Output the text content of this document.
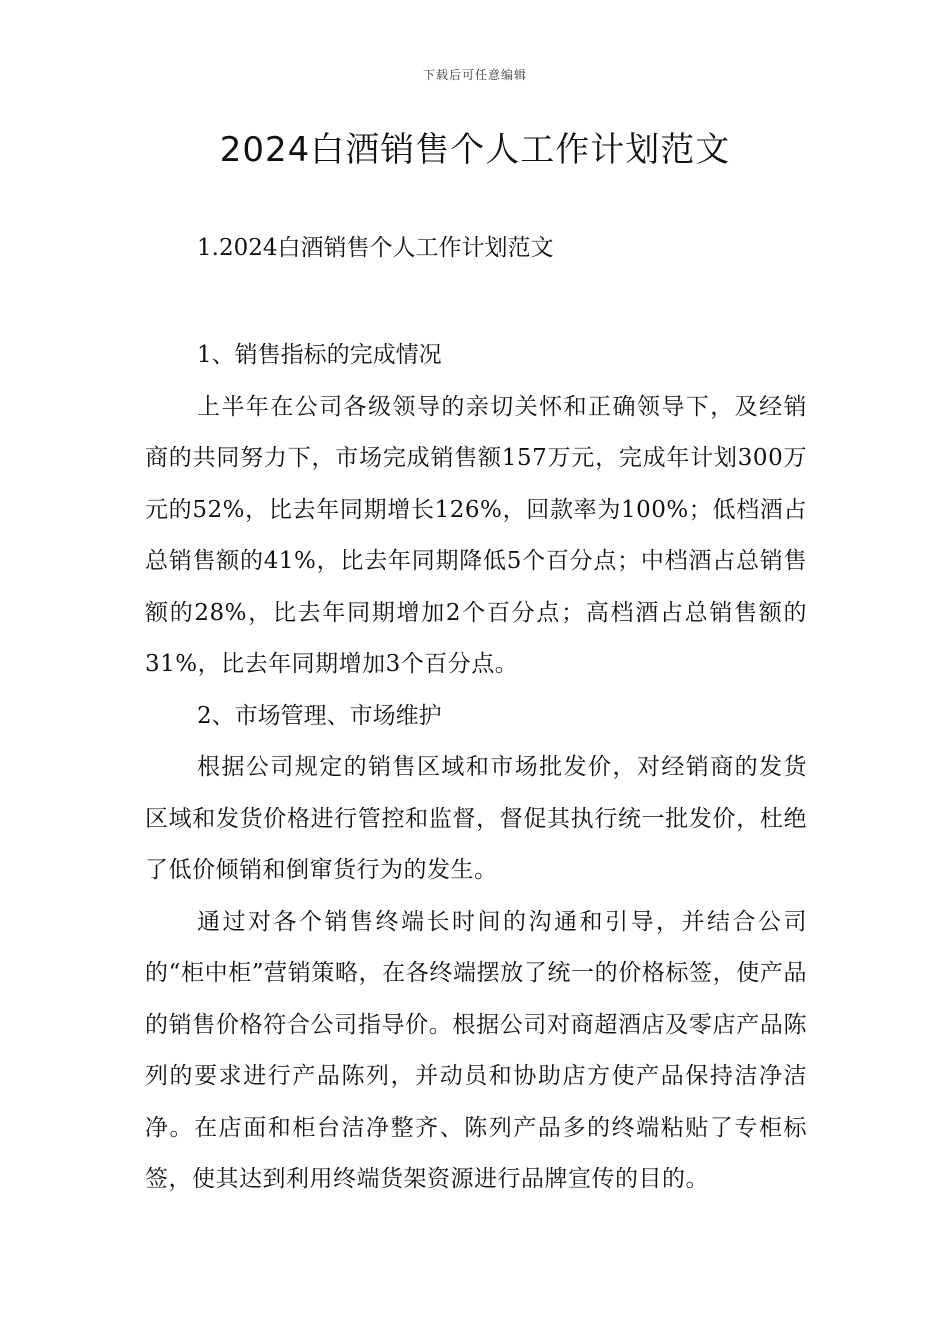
下载后可任意编辑
2024白酒销售个人工作计划范文

1.2024白酒销售个人工作计划范文

1、销售指标的完成情况

上半年在公司各级领导的亲切关怀和正确领导下，及经销商的共同努力下，市场完成销售额157万元，完成年计划300万元的52%，比去年同期增长126%，回款率为100%；低档酒占总销售额的41%，比去年同期降低5个百分点；中档酒占总销售额的28%，比去年同期增加2个百分点；高档酒占总销售额的31%，比去年同期增加3个百分点。

2、市场管理、市场维护

根据公司规定的销售区域和市场批发价，对经销商的发货区域和发货价格进行管控和监督，督促其执行统一批发价，杜绝了低价倾销和倒窜货行为的发生。

通过对各个销售终端长时间的沟通和引导，并结合公司的“柜中柜”营销策略，在各终端摆放了统一的价格标签，使产品的销售价格符合公司指导价。根据公司对商超酒店及零店产品陈列的要求进行产品陈列，并动员和协助店方使产品保持洁净洁净。在店面和柜台洁净整齐、陈列产品多的终端粘贴了专柜标签，使其达到利用终端货架资源进行品牌宣传的目的。
